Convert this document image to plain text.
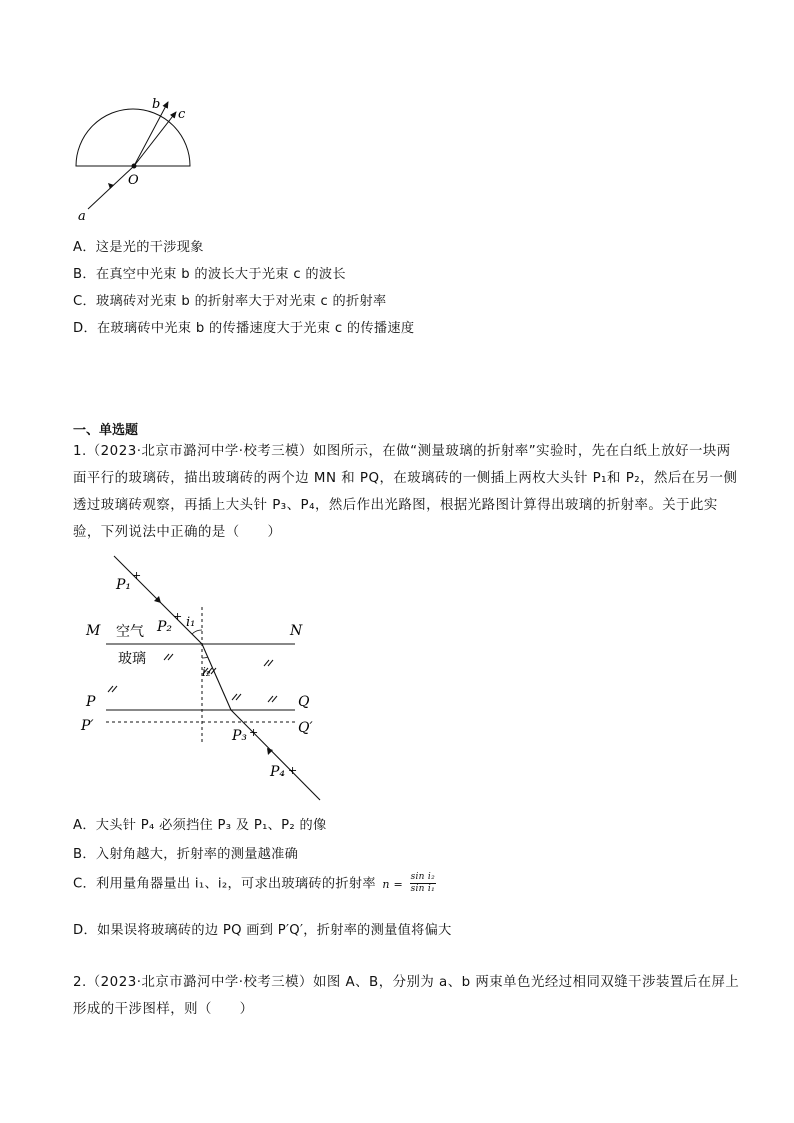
b
c
O
a
A．这是光的干涉现象
B．在真空中光束 b 的波长大于光束 c 的波长
C．玻璃砖对光束 b 的折射率大于对光束 c 的折射率
D．在玻璃砖中光束 b 的传播速度大于光束 c 的传播速度
一、单选题
1.（2023·北京市潞河中学·校考三模）如图所示，在做“测量玻璃的折射率”实验时，先在白纸上放好一块两
面平行的玻璃砖，描出玻璃砖的两个边 MN 和 PQ，在玻璃砖的一侧插上两枚大头针 P₁和 P₂，然后在另一侧
透过玻璃砖观察，再插上大头针 P₃、P₄，然后作出光路图，根据光路图计算得出玻璃的折射率。关于此实
验，下列说法中正确的是（　　）
P₁
+
P₂
+
P₃ +
P₄ +
i₁
i₂
M	N
P	Q
P′	Q′
空气
玻璃
A．大头针 P₄ 必须挡住 P₃ 及 P₁、P₂ 的像
B．入射角越大，折射率的测量越准确
C．利用量角器量出 i₁、i₂，可求出玻璃砖的折射率 $n = \frac{\text{sin i₂}}{\text{sin i₁}}$
D．如果误将玻璃砖的边 PQ 画到 P′Q′，折射率的测量值将偏大
2.（2023·北京市潞河中学·校考三模）如图 A、B，分别为 a、b 两束单色光经过相同双缝干涉装置后在屏上
形成的干涉图样，则（　　）
